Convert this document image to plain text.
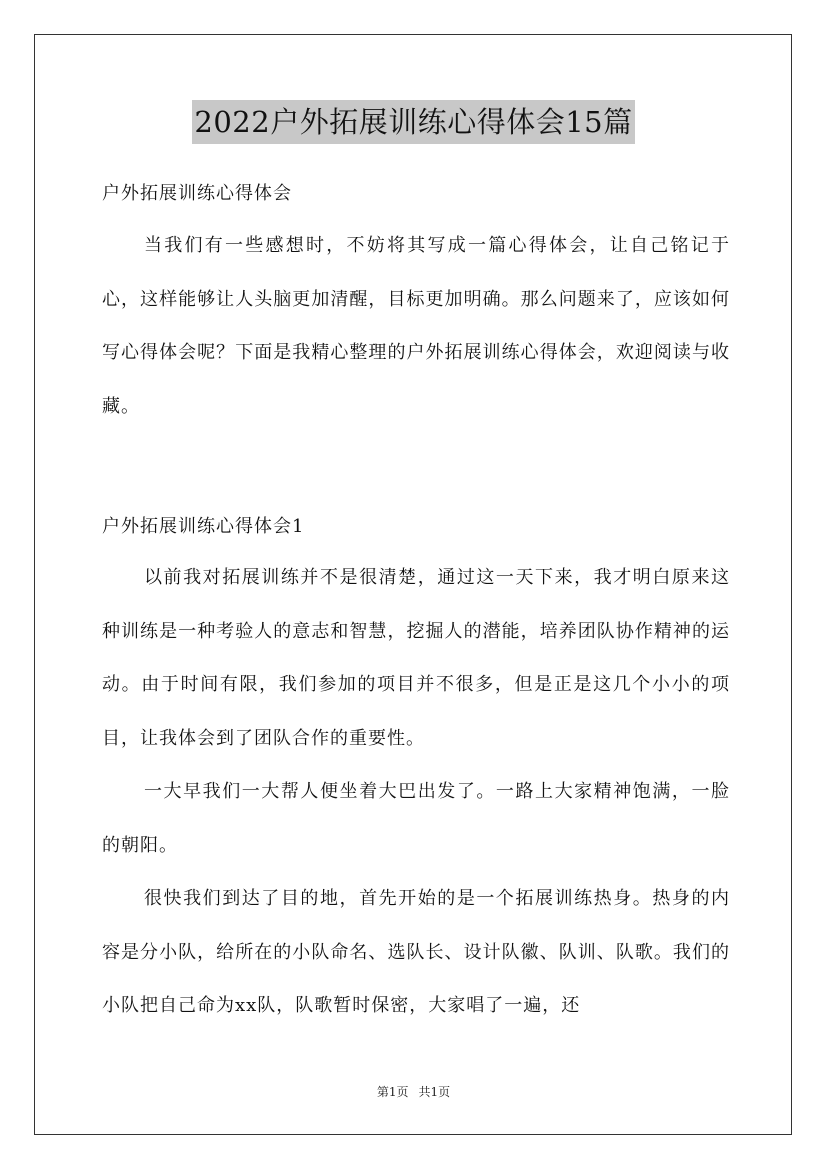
2022户外拓展训练心得体会15篇

户外拓展训练心得体会

当我们有一些感想时，不妨将其写成一篇心得体会，让自己铭记于心，这样能够让人头脑更加清醒，目标更加明确。那么问题来了，应该如何写心得体会呢？下面是我精心整理的户外拓展训练心得体会，欢迎阅读与收藏。

户外拓展训练心得体会1

以前我对拓展训练并不是很清楚，通过这一天下来，我才明白原来这种训练是一种考验人的意志和智慧，挖掘人的潜能，培养团队协作精神的运动。由于时间有限，我们参加的项目并不很多，但是正是这几个小小的项目，让我体会到了团队合作的重要性。

一大早我们一大帮人便坐着大巴出发了。一路上大家精神饱满，一脸的朝阳。

很快我们到达了目的地，首先开始的是一个拓展训练热身。热身的内容是分小队，给所在的小队命名、选队长、设计队徽、队训、队歌。我们的小队把自己命为xx队，队歌暂时保密，大家唱了一遍，还

第1页 共1页
